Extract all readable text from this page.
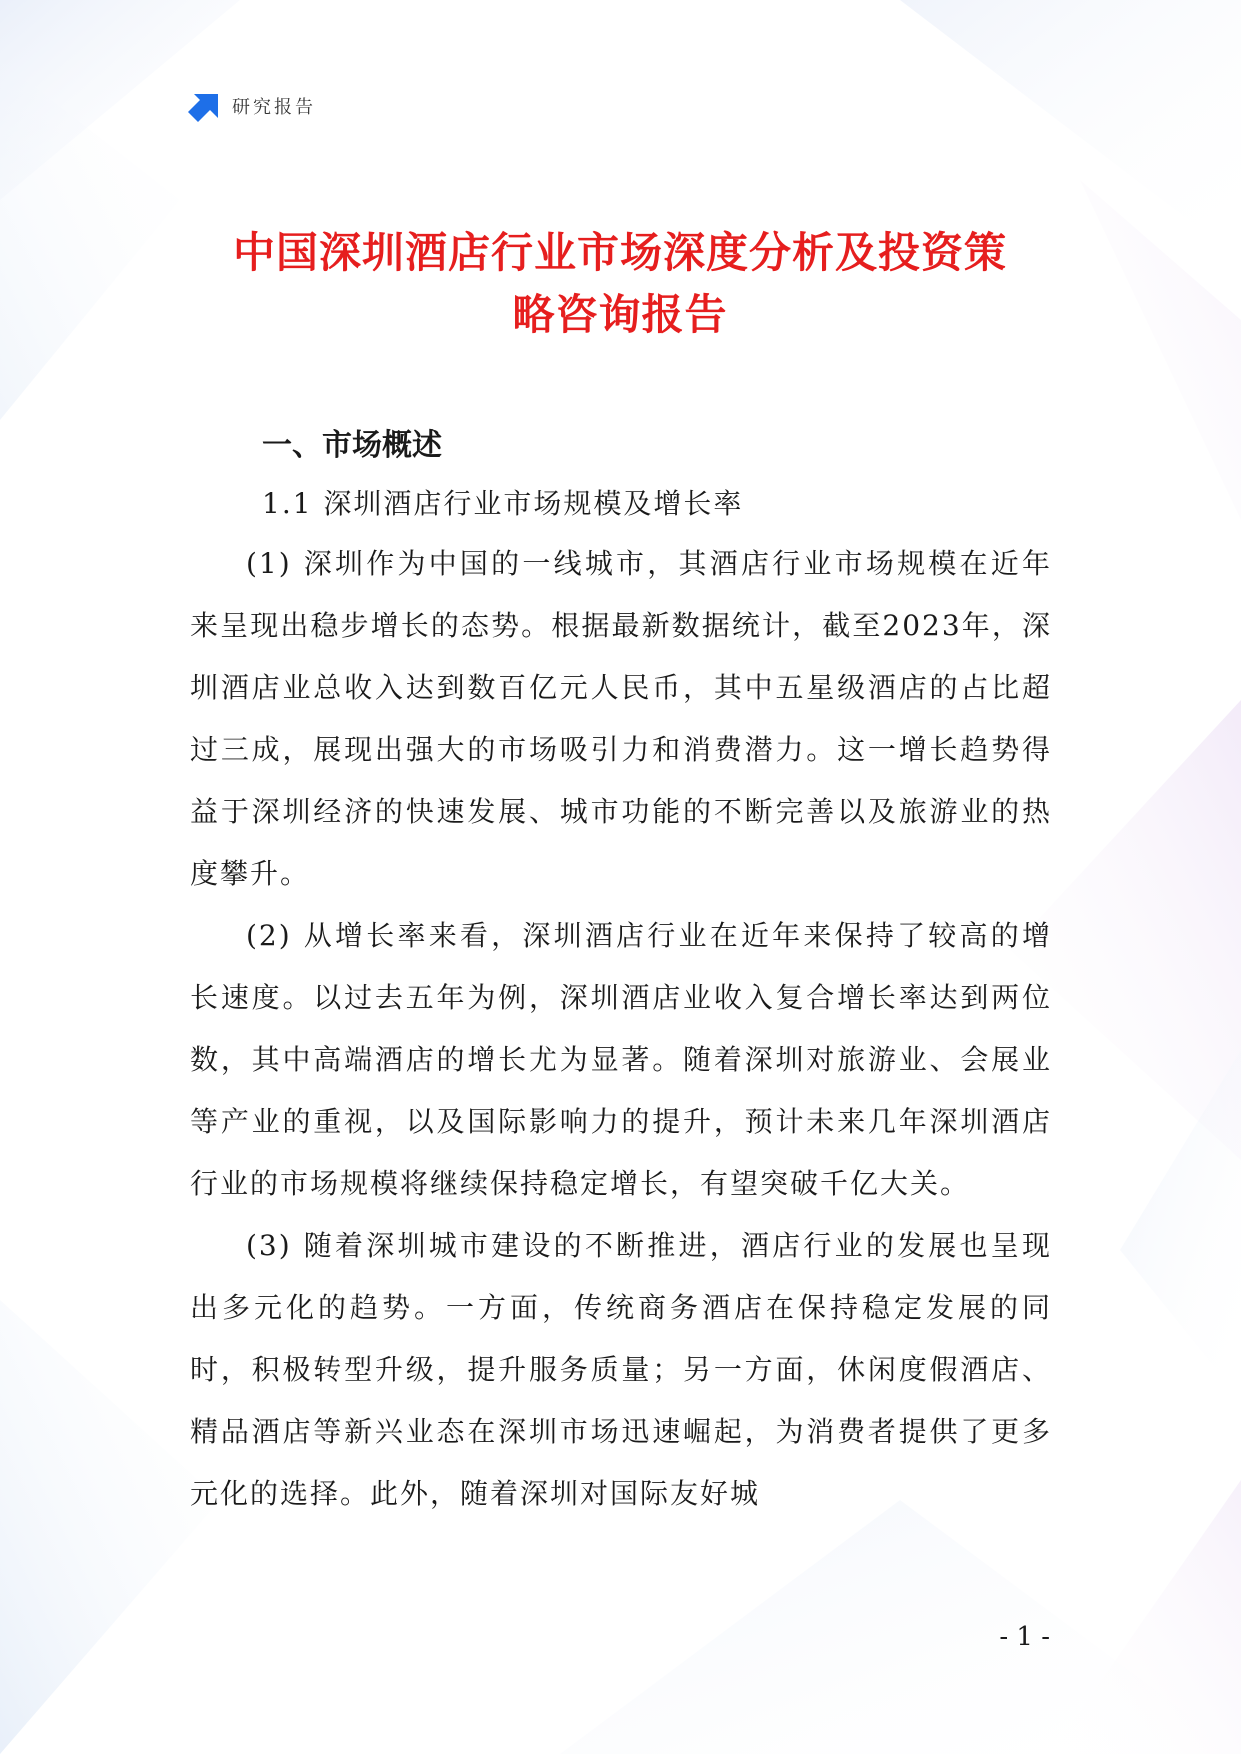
研究报告
中国深圳酒店行业市场深度分析及投资策
略咨询报告
一、市场概述
1.1 深圳酒店行业市场规模及增长率

(1) 深圳作为中国的一线城市，其酒店行业市场规模在近年来呈现出稳步增长的态势。根据最新数据统计，截至2023年，深圳酒店业总收入达到数百亿元人民币，其中五星级酒店的占比超过三成，展现出强大的市场吸引力和消费潜力。这一增长趋势得益于深圳经济的快速发展、城市功能的不断完善以及旅游业的热度攀升。

(2) 从增长率来看，深圳酒店行业在近年来保持了较高的增长速度。以过去五年为例，深圳酒店业收入复合增长率达到两位数，其中高端酒店的增长尤为显著。随着深圳对旅游业、会展业等产业的重视，以及国际影响力的提升，预计未来几年深圳酒店行业的市场规模将继续保持稳定增长，有望突破千亿大关。

(3) 随着深圳城市建设的不断推进，酒店行业的发展也呈现出多元化的趋势。一方面，传统商务酒店在保持稳定发展的同时，积极转型升级，提升服务质量；另一方面，休闲度假酒店、精品酒店等新兴业态在深圳市场迅速崛起，为消费者提供了更多元化的选择。此外，随着深圳对国际友好城

- 1 -
